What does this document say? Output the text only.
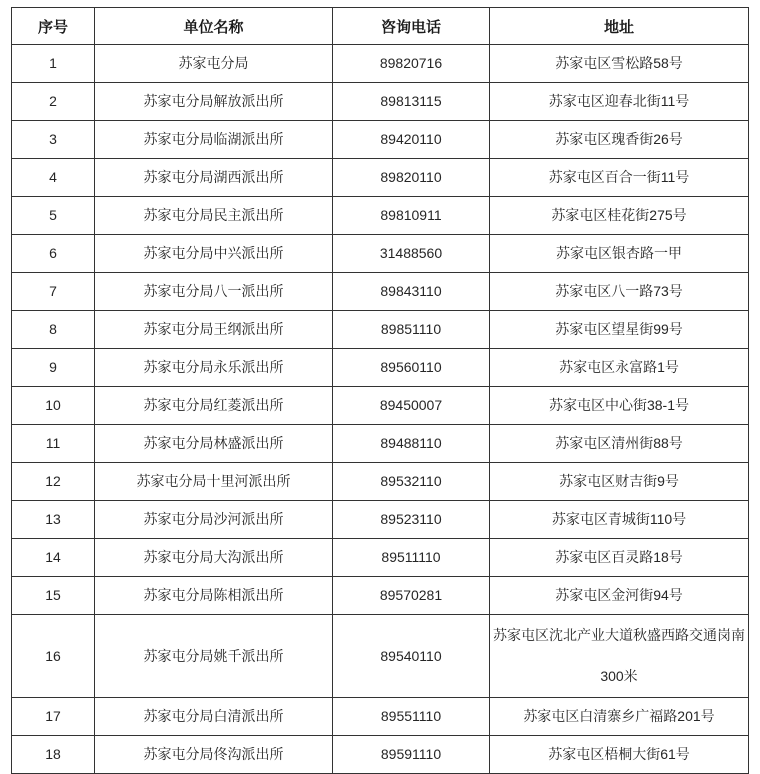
序号	单位名称	咨询电话	地址
1	苏家屯分局	89820716	苏家屯区雪松路58号
2	苏家屯分局解放派出所	89813115	苏家屯区迎春北街11号
3	苏家屯分局临湖派出所	89420110	苏家屯区瑰香街26号
4	苏家屯分局湖西派出所	89820110	苏家屯区百合一街11号
5	苏家屯分局民主派出所	89810911	苏家屯区桂花街275号
6	苏家屯分局中兴派出所	31488560	苏家屯区银杏路一甲
7	苏家屯分局八一派出所	89843110	苏家屯区八一路73号
8	苏家屯分局王纲派出所	89851110	苏家屯区望星街99号
9	苏家屯分局永乐派出所	89560110	苏家屯区永富路1号
10	苏家屯分局红菱派出所	89450007	苏家屯区中心街38-1号
11	苏家屯分局林盛派出所	89488110	苏家屯区清州街88号
12	苏家屯分局十里河派出所	89532110	苏家屯区财吉街9号
13	苏家屯分局沙河派出所	89523110	苏家屯区青城街110号
14	苏家屯分局大沟派出所	89511110	苏家屯区百灵路18号
15	苏家屯分局陈相派出所	89570281	苏家屯区金河街94号
16	苏家屯分局姚千派出所	89540110	苏家屯区沈北产业大道秋盛西路交通岗南300米
17	苏家屯分局白清派出所	89551110	苏家屯区白清寨乡广福路201号
18	苏家屯分局佟沟派出所	89591110	苏家屯区梧桐大街61号
